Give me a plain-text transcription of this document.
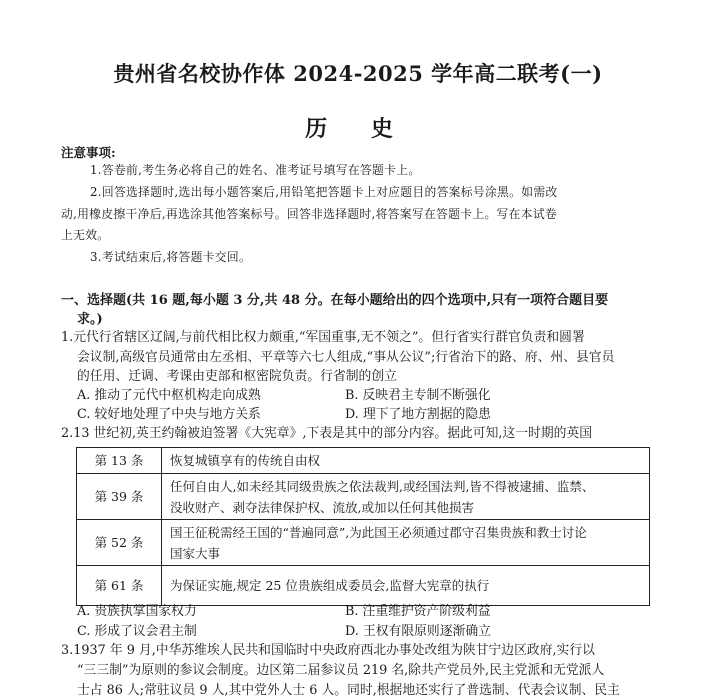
贵州省名校协作体 2024-2025 学年高二联考(一)
历 史
注意事项:
1.答卷前,考生务必将自己的姓名、准考证号填写在答题卡上。
2.回答选择题时,选出每小题答案后,用铅笔把答题卡上对应题目的答案标号涂黑。如需改
动,用橡皮擦干净后,再选涂其他答案标号。回答非选择题时,将答案写在答题卡上。写在本试卷
上无效。
3.考试结束后,将答题卡交回。
一、选择题(共 16 题,每小题 3 分,共 48 分。在每小题给出的四个选项中,只有一项符合题目要
求。)
1.元代行省辖区辽阔,与前代相比权力颇重,“军国重事,无不领之”。但行省实行群官负责和圆署
会议制,高级官员通常由左丞相、平章等六七人组成,“事从公议”;行省治下的路、府、州、县官员
的任用、迁调、考课由吏部和枢密院负责。行省制的创立
A. 推动了元代中枢机构走向成熟	B. 反映君主专制不断强化
C. 较好地处理了中央与地方关系	D. 理下了地方割据的隐患
2.13 世纪初,英王约翰被迫签署《大宪章》,下表是其中的部分内容。据此可知,这一时期的英国
第 13 条	恢复城镇享有的传统自由权
第 39 条	任何自由人,如未经其同级贵族之依法裁判,或经国法判,皆不得被逮捕、监禁、
没收财产、剥夺法律保护权、流放,或加以任何其他损害

第 52 条	国王征税需经王国的“普遍同意”,为此国王必须通过郡守召集贵族和教士讨论
国家大事

第 61 条	为保证实施,规定 25 位贵族组成委员会,监督大宪章的执行
A. 贵族执掌国家权力	B. 注重维护资产阶级利益
C. 形成了议会君主制	D. 王权有限原则逐渐确立
3.1937 年 9 月,中华苏维埃人民共和国临时中央政府西北办事处改组为陕甘宁边区政府,实行以
“三三制”为原则的参议会制度。边区第二届参议员 219 名,除共产党员外,民主党派和无党派人
士占 86 人;常驻议员 9 人,其中党外人士 6 人。同时,根据地还实行了普选制、代表会议制、民主
